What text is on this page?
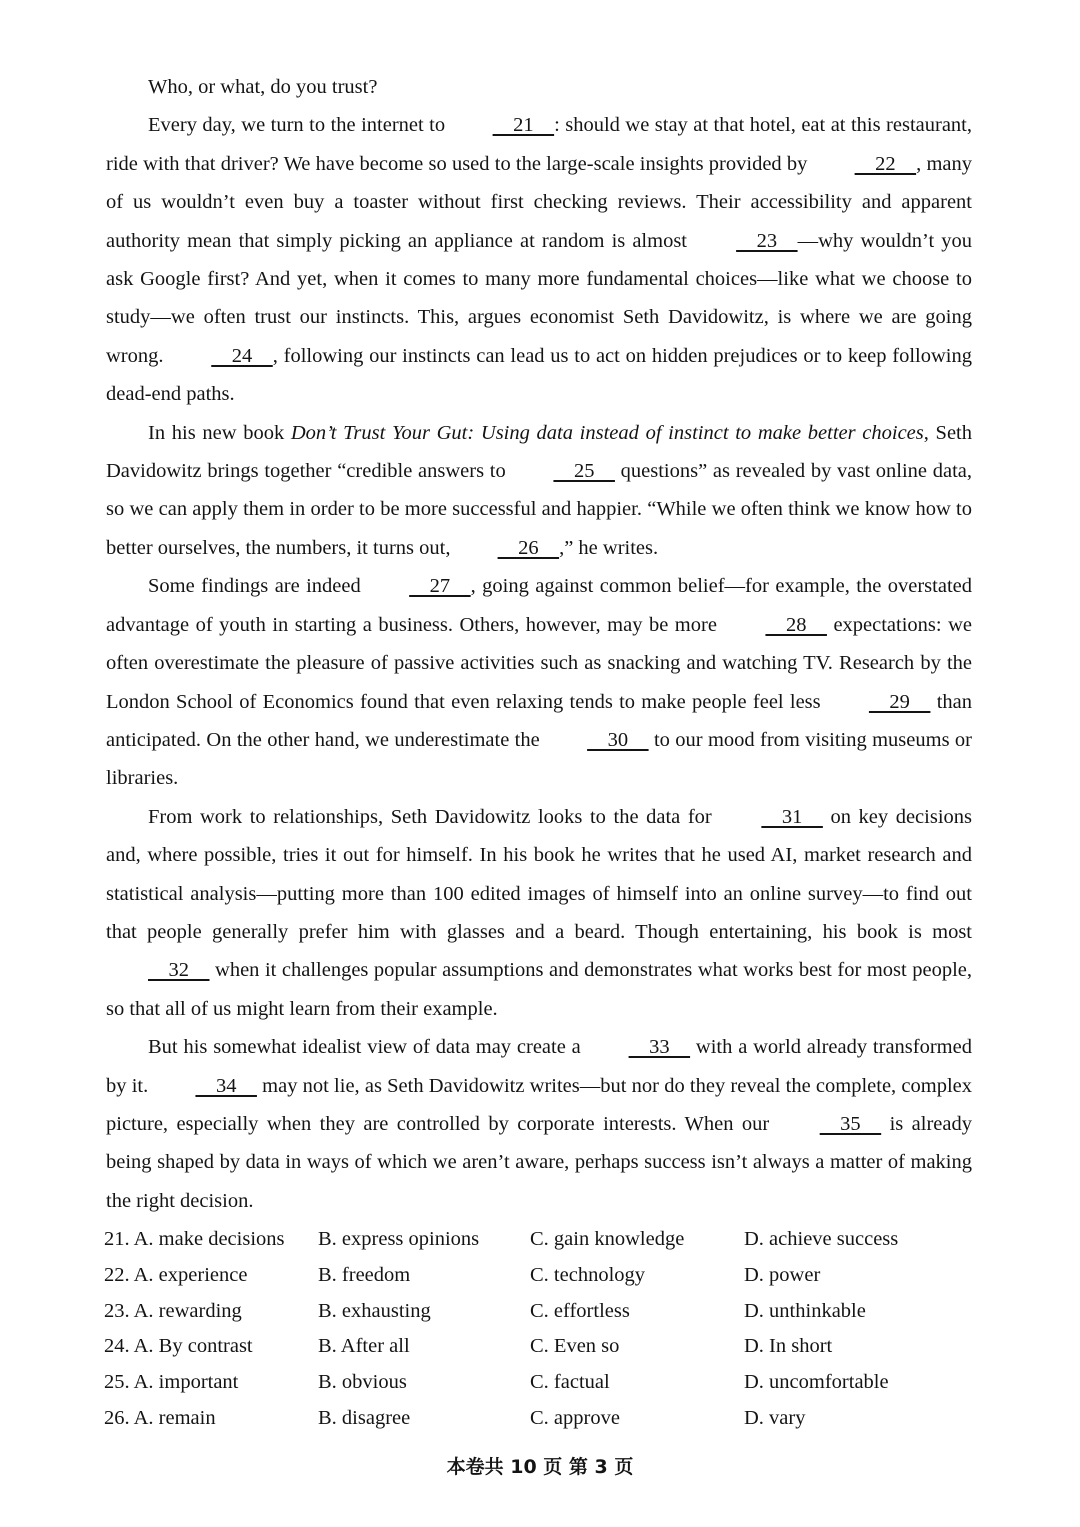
Who, or what, do you trust?

Every day, we turn to the internet to     21    : should we stay at that hotel, eat at this restaurant, ride with that driver? We have become so used to the large-scale insights provided by     22    , many of us wouldn’t even buy a toaster without first checking reviews. Their accessibility and apparent authority mean that simply picking an appliance at random is almost     23    —why wouldn’t you ask Google first? And yet, when it comes to many more fundamental choices—like what we choose to study—we often trust our instincts. This, argues economist Seth Davidowitz, is where we are going wrong.     24    , following our instincts can lead us to act on hidden prejudices or to keep following dead-end paths.

In his new book Don’t Trust Your Gut: Using data instead of instinct to make better choices, Seth Davidowitz brings together “credible answers to     25     questions” as revealed by vast online data, so we can apply them in order to be more successful and happier. “While we often think we know how to better ourselves, the numbers, it turns out,     26    ,” he writes.

Some findings are indeed     27    , going against common belief—for example, the overstated advantage of youth in starting a business. Others, however, may be more     28     expectations: we often overestimate the pleasure of passive activities such as snacking and watching TV. Research by the London School of Economics found that even relaxing tends to make people feel less     29     than anticipated. On the other hand, we underestimate the     30     to our mood from visiting museums or libraries.

From work to relationships, Seth Davidowitz looks to the data for     31     on key decisions and, where possible, tries it out for himself. In his book he writes that he used AI, market research and statistical analysis—putting more than 100 edited images of himself into an online survey—to find out that people generally prefer him with glasses and a beard. Though entertaining, his book is most     32     when it challenges popular assumptions and demonstrates what works best for most people, so that all of us might learn from their example.

But his somewhat idealist view of data may create a     33     with a world already transformed by it.     34     may not lie, as Seth Davidowitz writes—but nor do they reveal the complete, complex picture, especially when they are controlled by corporate interests. When our     35     is already being shaped by data in ways of which we aren’t aware, perhaps success isn’t always a matter of making the right decision.

21. A. make decisions	B. express opinions	C. gain knowledge	D. achieve success
22. A. experience	B. freedom	C. technology	D. power
23. A. rewarding	B. exhausting	C. effortless	D. unthinkable
24. A. By contrast	B. After all	C. Even so	D. In short
25. A. important	B. obvious	C. factual	D. uncomfortable
26. A. remain	B. disagree	C. approve	D. vary
本卷共 10 页 第 3 页
